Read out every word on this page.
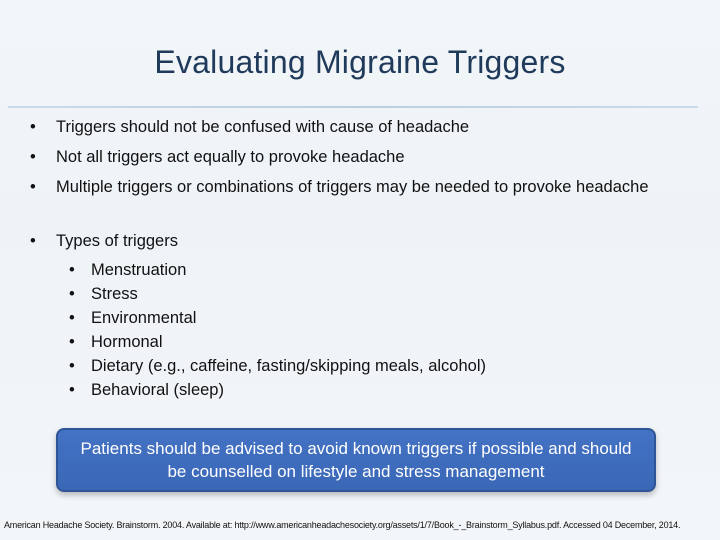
Evaluating Migraine Triggers
• Triggers should not be confused with cause of headache
• Not all triggers act equally to provoke headache
• Multiple triggers or combinations of triggers may be needed to provoke headache
• Types of triggers
• Menstruation
• Stress
• Environmental
• Hormonal
• Dietary (e.g., caffeine, fasting/skipping meals, alcohol)
• Behavioral (sleep)
Patients should be advised to avoid known triggers if possible and should be counselled on lifestyle and stress management
American Headache Society. Brainstorm. 2004. Available at: http://www.americanheadachesociety.org/assets/1/7/Book_-_Brainstorm_Syllabus.pdf. Accessed 04 December, 2014.
